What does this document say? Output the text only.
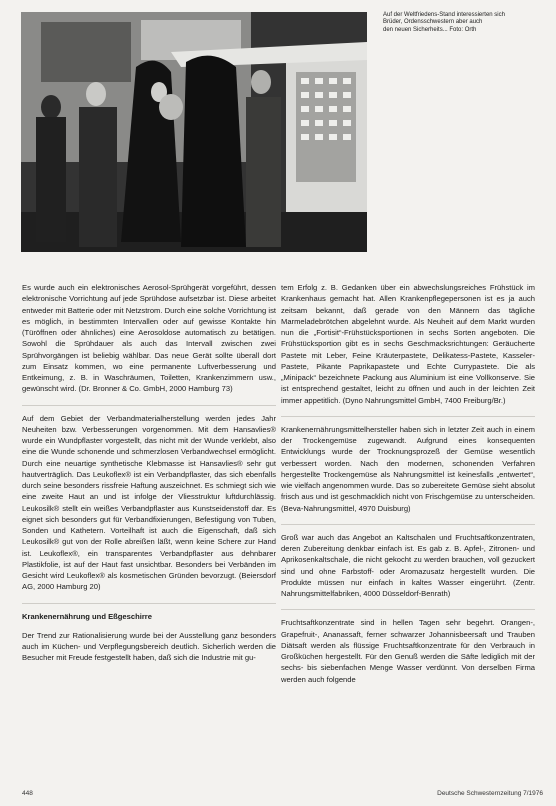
Auf der Weltfriedens-Stand interessierten sich
Brüder, Ordensschwestern aber auch
den neuen Sicherheits... Foto: Orth

Es wurde auch ein elektronisches Aerosol-Sprühgerät vorgeführt, dessen elektronische Vorrichtung auf jede Sprühdose aufsetzbar ist. Diese arbeitet entweder mit Batterie oder mit Netzstrom. Durch eine solche Vorrichtung ist es möglich, in bestimmten Intervallen oder auf gewisse Kontakte hin (Türöffnen oder ähnliches) eine Aerosoldose automatisch zu betätigen. Sowohl die Sprühdauer als auch das Intervall zwischen zwei Sprühvorgängen ist beliebig wählbar. Das neue Gerät sollte überall dort zum Einsatz kommen, wo eine permanente Luftverbesserung und Entkeimung, z. B. in Waschräumen, Toiletten, Krankenzimmern usw., gewünscht wird. (Dr. Bronner & Co. GmbH, 2000 Hamburg 73)

Auf dem Gebiet der Verbandmaterialherstellung werden jedes Jahr Neuheiten bzw. Verbesserungen vorgenommen. Mit dem Hansavlies® wurde ein Wundpflaster vorgestellt, das nicht mit der Wunde verklebt, also eine die Wunde schonende und schmerzlosen Verbandwechsel ermöglicht. Durch eine neuartige synthetische Klebmasse ist Hansavlies® sehr gut hautverträglich. Das Leukoflex® ist ein Verbandpflaster, das sich ebenfalls durch seine besonders rissfreie Haftung auszeichnet. Es schmiegt sich wie eine zweite Haut an und ist infolge der Vliesstruktur luftdurchlässig. Leukosilk® stellt ein weißes Verbandpflaster aus Kunstseidenstoff dar. Es eignet sich besonders gut für Verbandfixierungen, Befestigung von Tuben, Sonden und Kathetern. Vorteilhaft ist auch die Eigenschaft, daß sich Leukosilk® gut von der Rolle abreißen läßt, wenn keine Schere zur Hand ist. Leukoflex®, ein transparentes Verbandpflaster aus dehnbarer Plastikfolie, ist auf der Haut fast unsichtbar. Besonders bei Verbänden im Gesicht wird Leukoflex® als kosmetischen Gründen bevorzugt. (Beiersdorf AG, 2000 Hamburg 20)

Krankenernährung und Eßgeschirre

Der Trend zur Rationalisierung wurde bei der Ausstellung ganz besonders auch im Küchen- und Verpflegungsbereich deutlich. Sicherlich werden die Besucher mit Freude festgestellt haben, daß sich die Industrie mit gu-

tem Erfolg z. B. Gedanken über ein abwechslungsreiches Frühstück im Krankenhaus gemacht hat. Allen Krankenpflegepersonen ist es ja auch zeitsam bekannt, daß gerade von den Männern das tägliche Marmeladebrötchen abgelehnt wurde. Als Neuheit auf dem Markt wurden nun die „Fortisit“-Frühstücksportionen in sechs Sorten angeboten. Die Frühstücksportion gibt es in sechs Geschmacksrichtungen: Geräucherte Pastete mit Leber, Feine Kräuterpastete, Delikatess-Pastete, Kasseler-Pastete, Pikante Paprikapastete und Echte Currypastete. Die als „Minipack“ bezeichnete Packung aus Aluminium ist eine Vollkonserve. Sie ist entsprechend gestaltet, leicht zu öffnen und auch in der leichten Zeit immer appetitlich. (Dyno Nahrungsmittel GmbH, 7400 Freiburg/Br.)

Krankenernährungsmittelhersteller haben sich in letzter Zeit auch in einem der Trockengemüse zugewandt. Aufgrund eines konsequenten Entwicklungs wurde der Trocknungsprozeß der Gemüse wesentlich verbessert worden. Nach den modernen, schonenden Verfahren hergestellte Trockengemüse als Nahrungsmittel ist keinesfalls „entwertet“, wie vielfach angenommen wurde. Das so zubereitete Gemüse sieht absolut frisch aus und ist geschmacklich nicht von Frischgemüse zu unterscheiden. (Beva-Nahrungsmittel, 4970 Duisburg)

Groß war auch das Angebot an Kaltschalen und Fruchtsaftkonzentraten, deren Zubereitung denkbar einfach ist. Es gab z. B. Apfel-, Zitronen- und Aprikosenkaltschale, die nicht gekocht zu werden brauchen, voll gezuckert sind und ohne Farbstoff- oder Aromazusatz hergestellt wurden. Die Produkte müssen nur einfach in kaltes Wasser eingerührt. (Zentr. Nahrungsmittelfabriken, 4000 Düsseldorf-Benrath)

Fruchtsaftkonzentrate sind in hellen Tagen sehr begehrt. Orangen-, Grapefruit-, Ananassaft, ferner schwarzer Johannisbeersaft und Trauben Diätsaft werden als flüssige Fruchtsaftkonzentrate für den Verbrauch in Großküchen hergestellt. Für den Genuß werden die Säfte lediglich mit der sechs- bis siebenfachen Menge Wasser verdünnt. Von derselben Firma werden auch folgende

448	Deutsche Schwesternzeitung 7/1976
